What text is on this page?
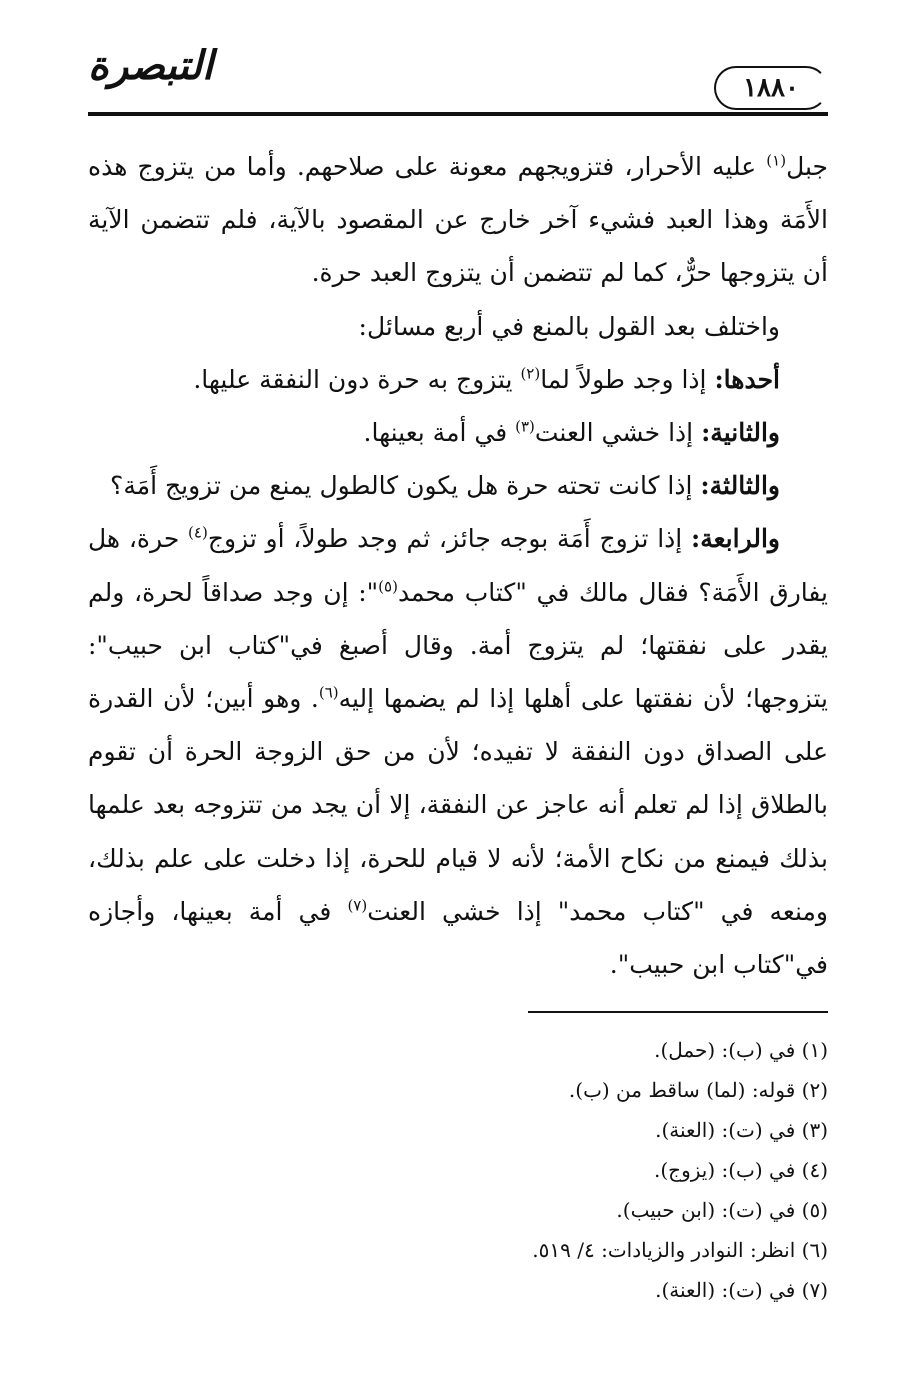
١٨٨٠
التبصرة

جبل$^{(١)}$ عليه الأحرار، فتزويجهم معونة على صلاحهم. وأما من يتزوج هذه الأَمَة وهذا العبد فشيء آخر خارج عن المقصود بالآية، فلم تتضمن الآية أن يتزوجها حرٌّ، كما لم تتضمن أن يتزوج العبد حرة.

واختلف بعد القول بالمنع في أربع مسائل:

أحدها: إذا وجد طولاً لما$^{(٢)}$ يتزوج به حرة دون النفقة عليها.

والثانية: إذا خشي العنت$^{(٣)}$ في أمة بعينها.

والثالثة: إذا كانت تحته حرة هل يكون كالطول يمنع من تزويج أَمَة؟

والرابعة: إذا تزوج أَمَة بوجه جائز، ثم وجد طولاً، أو تزوج$^{(٤)}$ حرة، هل يفارق الأَمَة؟ فقال مالك في "كتاب محمد$^{(٥)}$": إن وجد صداقاً لحرة، ولم يقدر على نفقتها؛ لم يتزوج أمة. وقال أصبغ في"كتاب ابن حبيب": يتزوجها؛ لأن نفقتها على أهلها إذا لم يضمها إليه$^{(٦)}$. وهو أبين؛ لأن القدرة على الصداق دون النفقة لا تفيده؛ لأن من حق الزوجة الحرة أن تقوم بالطلاق إذا لم تعلم أنه عاجز عن النفقة، إلا أن يجد من تتزوجه بعد علمها بذلك فيمنع من نكاح الأمة؛ لأنه لا قيام للحرة، إذا دخلت على علم بذلك، ومنعه في "كتاب محمد" إذا خشي العنت$^{(٧)}$ في أمة بعينها، وأجازه في"كتاب ابن حبيب".

(١) في (ب): (حمل).
(٢) قوله: (لما) ساقط من (ب).
(٣) في (ت): (العنة).
(٤) في (ب): (يزوج).
(٥) في (ت): (ابن حبيب).
(٦) انظر: النوادر والزيادات: ٤/ ٥١٩.
(٧) في (ت): (العنة).
